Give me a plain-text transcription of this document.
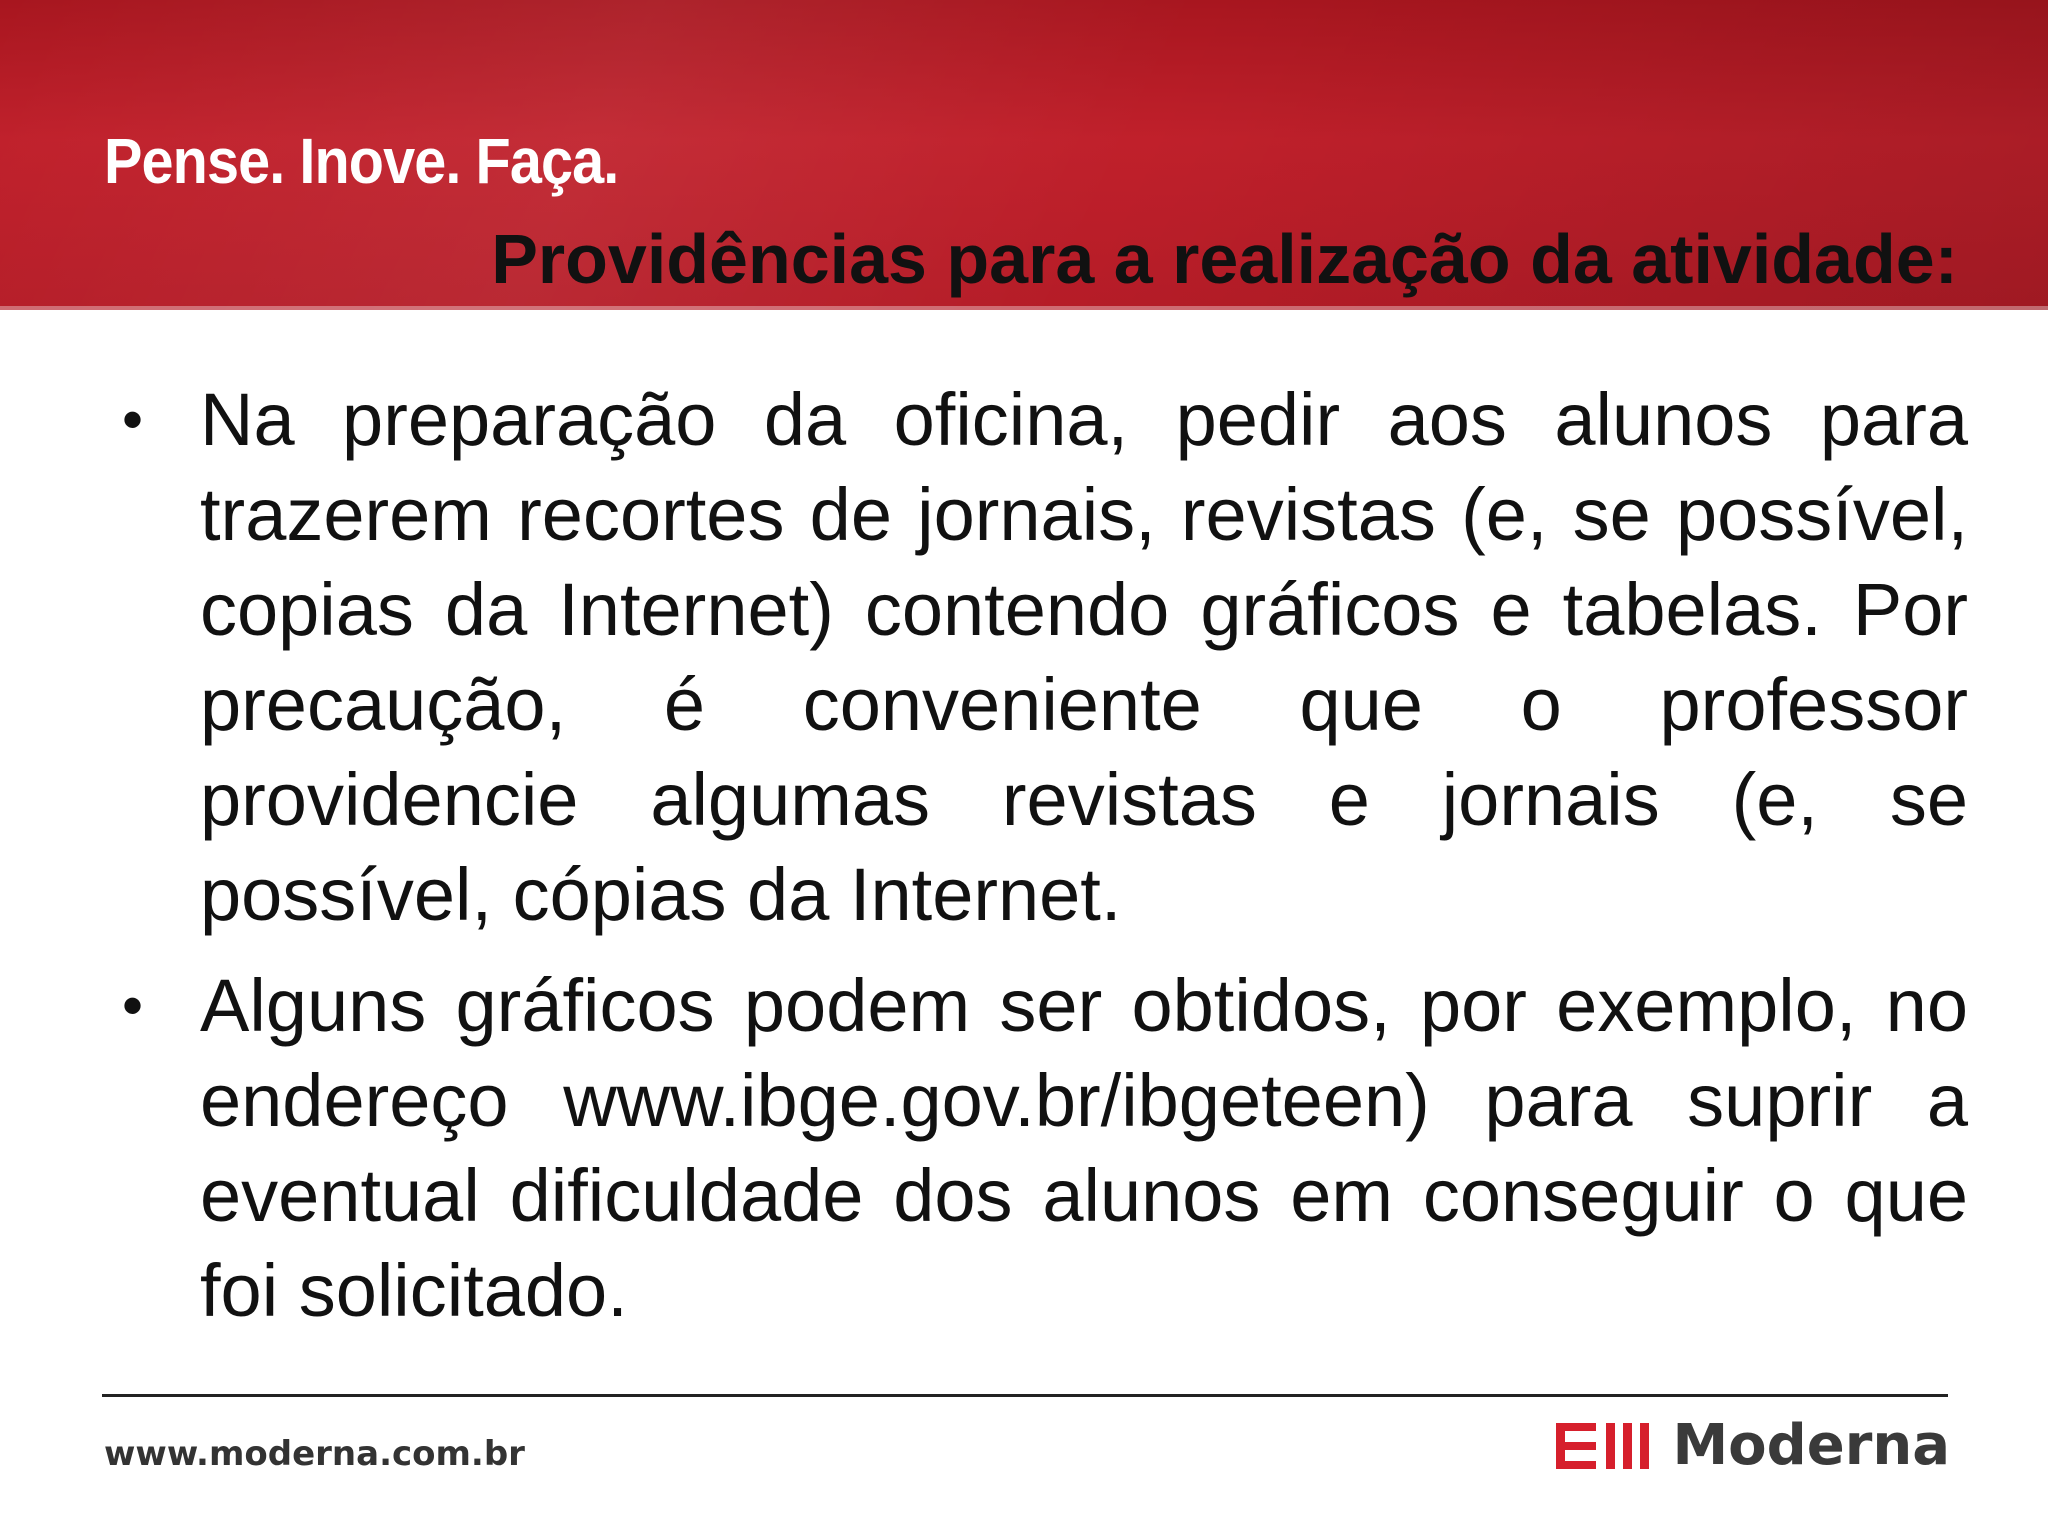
Pense. Inove. Faça.
Providências para a realização da atividade:
• Na preparação da oficina, pedir aos alunos para trazerem recortes de jornais, revistas (e, se possível, copias da Internet) contendo gráficos e tabelas. Por precaução, é conveniente que o professor providencie algumas revistas e jornais (e, se possível, cópias da Internet.
• Alguns gráficos podem ser obtidos, por exemplo, no endereço www.ibge.gov.br/ibgeteen) para suprir a eventual dificuldade dos alunos em conseguir o que foi solicitado.
www.moderna.com.br	Moderna
